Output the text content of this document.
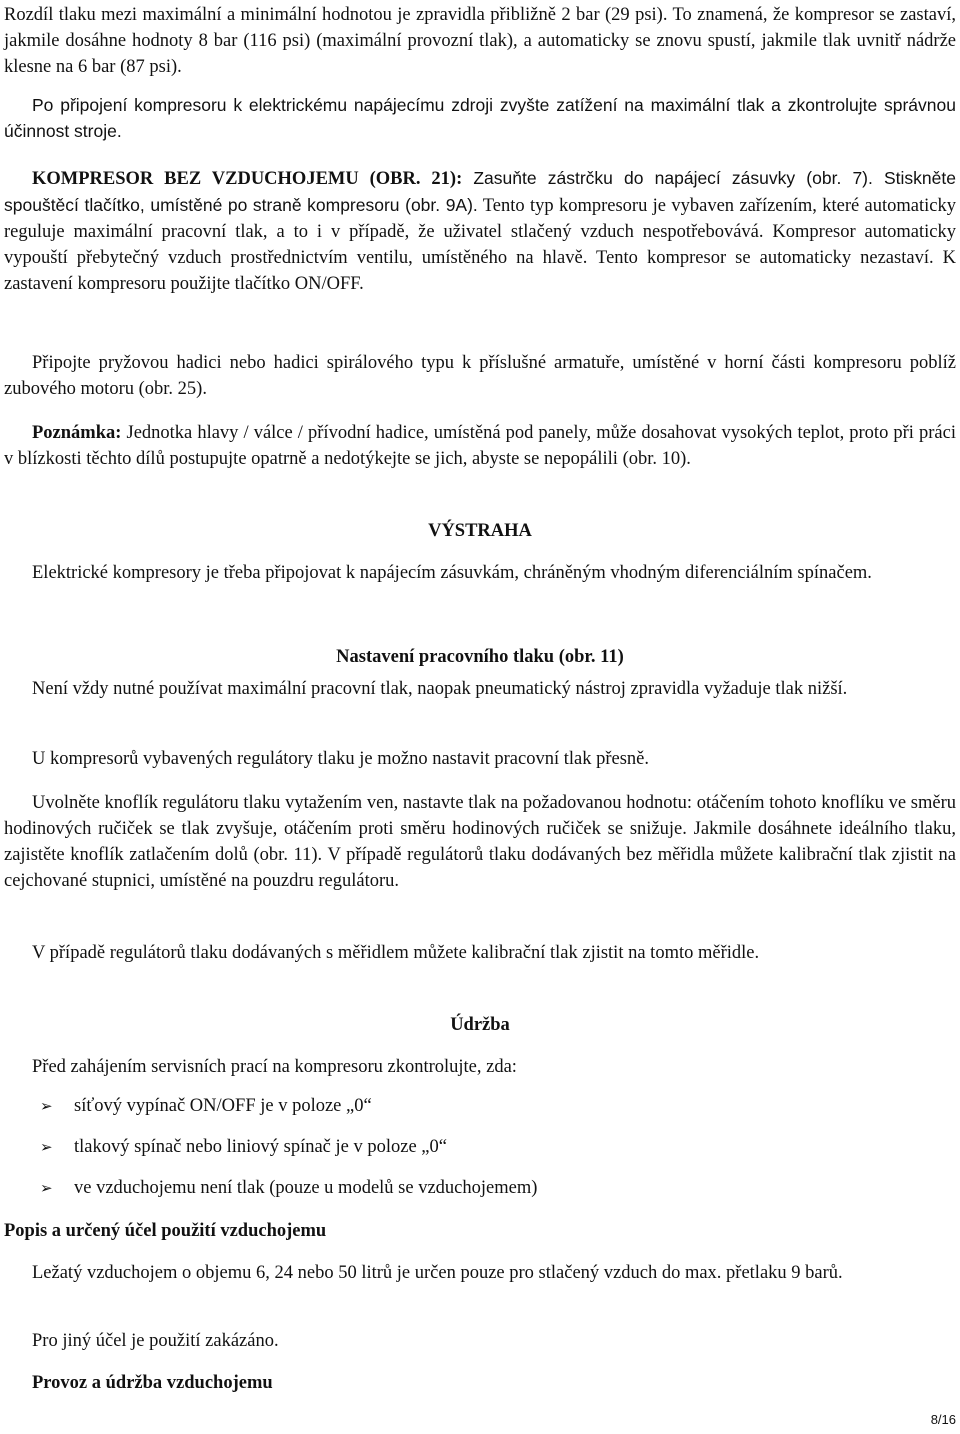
Rozdíl tlaku mezi maximální a minimální hodnotou je zpravidla přibližně 2 bar (29 psi). To znamená, že kompresor se zastaví, jakmile dosáhne hodnoty 8 bar (116 psi) (maximální provozní tlak), a automaticky se znovu spustí, jakmile tlak uvnitř nádrže klesne na 6 bar (87 psi).

Po připojení kompresoru k elektrickému napájecímu zdroji zvyšte zatížení na maximální tlak a zkontrolujte správnou účinnost stroje.

KOMPRESOR BEZ VZDUCHOJEMU (OBR. 21): Zasuňte zástrčku do napájecí zásuvky (obr. 7). Stiskněte spouštěcí tlačítko, umístěné po straně kompresoru (obr. 9A). Tento typ kompresoru je vybaven zařízením, které automaticky reguluje maximální pracovní tlak, a to i v případě, že uživatel stlačený vzduch nespotřebovává. Kompresor automaticky vypouští přebytečný vzduch prostřednictvím ventilu, umístěného na hlavě. Tento kompresor se automaticky nezastaví. K zastavení kompresoru použijte tlačítko ON/OFF.

Připojte pryžovou hadici nebo hadici spirálového typu k příslušné armatuře, umístěné v horní části kompresoru poblíž zubového motoru (obr. 25).

Poznámka: Jednotka hlavy / válce / přívodní hadice, umístěná pod panely, může dosahovat vysokých teplot, proto při práci v blízkosti těchto dílů postupujte opatrně a nedotýkejte se jich, abyste se nepopálili (obr. 10).

VÝSTRAHA

Elektrické kompresory je třeba připojovat k napájecím zásuvkám, chráněným vhodným diferenciálním spínačem.

Nastavení pracovního tlaku (obr. 11)

Není vždy nutné používat maximální pracovní tlak, naopak pneumatický nástroj zpravidla vyžaduje tlak nižší.

U kompresorů vybavených regulátory tlaku je možno nastavit pracovní tlak přesně.

Uvolněte knoflík regulátoru tlaku vytažením ven, nastavte tlak na požadovanou hodnotu: otáčením tohoto knoflíku ve směru hodinových ručiček se tlak zvyšuje, otáčením proti směru hodinových ručiček se snižuje. Jakmile dosáhnete ideálního tlaku, zajistěte knoflík zatlačením dolů (obr. 11). V případě regulátorů tlaku dodávaných bez měřidla můžete kalibrační tlak zjistit na cejchované stupnici, umístěné na pouzdru regulátoru.

V případě regulátorů tlaku dodávaných s měřidlem můžete kalibrační tlak zjistit na tomto měřidle.

Údržba

Před zahájením servisních prací na kompresoru zkontrolujte, zda:

➢ síťový vypínač ON/OFF je v poloze „0“
➢ tlakový spínač nebo liniový spínač je v poloze „0“
➢ ve vzduchojemu není tlak (pouze u modelů se vzduchojemem)

Popis a určený účel použití vzduchojemu

Ležatý vzduchojem o objemu 6, 24 nebo 50 litrů je určen pouze pro stlačený vzduch do max. přetlaku 9 barů.

Pro jiný účel je použití zakázáno.

Provoz a údržba vzduchojemu

8/16
